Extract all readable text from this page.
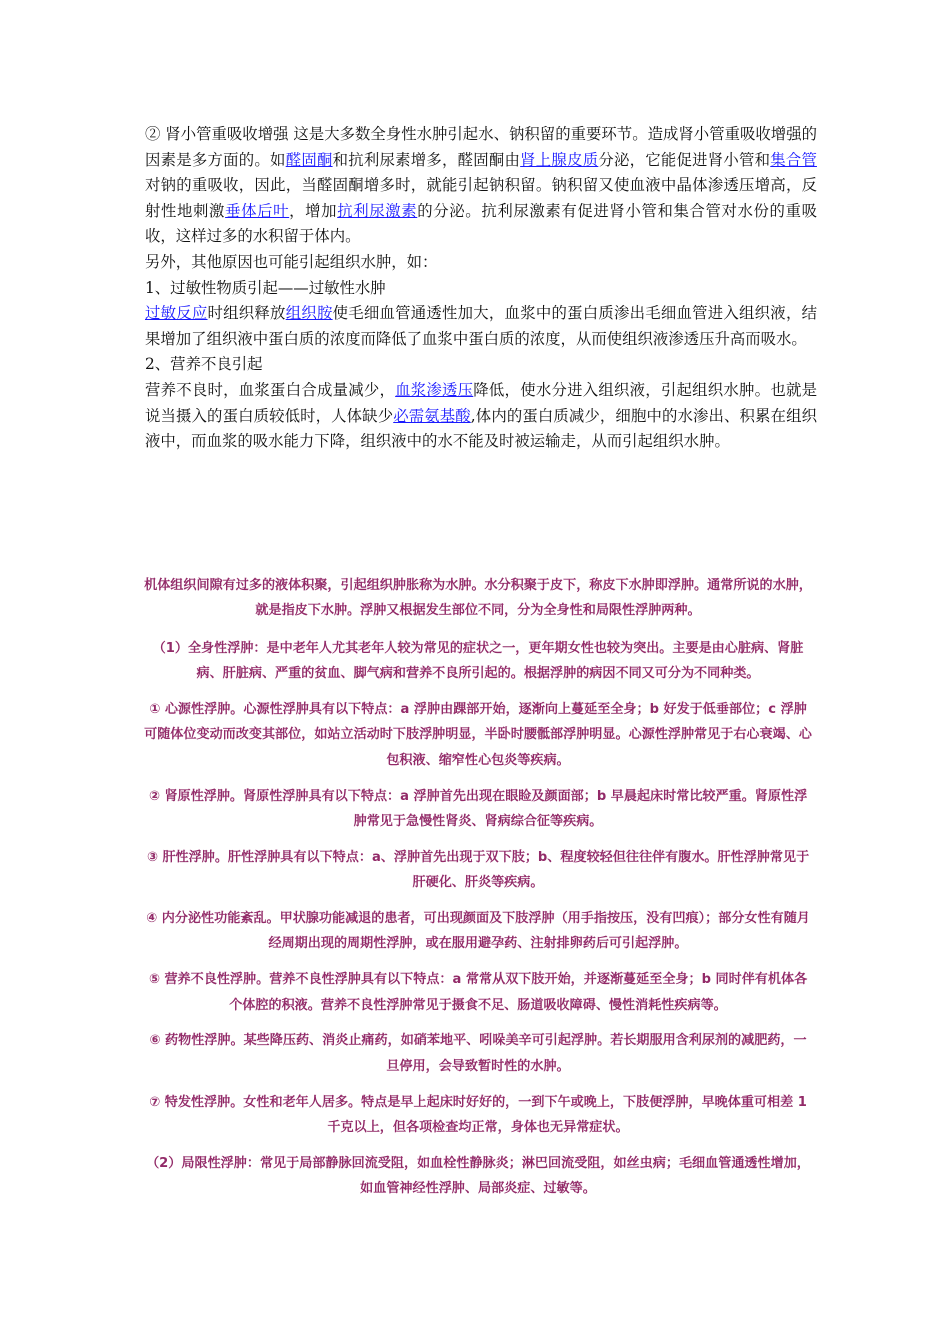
② 肾小管重吸收增强 这是大多数全身性水肿引起水、钠积留的重要环节。造成肾小管重吸收增强的因素是多方面的。如醛固酮和抗利尿素增多，醛固酮由肾上腺皮质分泌，它能促进肾小管和集合管对钠的重吸收，因此，当醛固酮增多时，就能引起钠积留。钠积留又使血液中晶体渗透压增高，反射性地刺激垂体后叶，增加抗利尿激素的分泌。抗利尿激素有促进肾小管和集合管对水份的重吸收，这样过多的水积留于体内。

另外，其他原因也可能引起组织水肿，如：

1、过敏性物质引起——过敏性水肿

过敏反应时组织释放组织胺使毛细血管通透性加大，血浆中的蛋白质渗出毛细血管进入组织液，结果增加了组织液中蛋白质的浓度而降低了血浆中蛋白质的浓度，从而使组织液渗透压升高而吸水。

2、营养不良引起

营养不良时，血浆蛋白合成量减少，血浆渗透压降低，使水分进入组织液，引起组织水肿。也就是说当摄入的蛋白质较低时，人体缺少必需氨基酸,体内的蛋白质减少，细胞中的水渗出、积累在组织液中，而血浆的吸水能力下降，组织液中的水不能及时被运输走，从而引起组织水肿。

机体组织间隙有过多的液体积聚，引起组织肿胀称为水肿。水分积聚于皮下，称皮下水肿即浮肿。通常所说的水肿，就是指皮下水肿。浮肿又根据发生部位不同，分为全身性和局限性浮肿两种。

（1）全身性浮肿：是中老年人尤其老年人较为常见的症状之一，更年期女性也较为突出。主要是由心脏病、肾脏病、肝脏病、严重的贫血、脚气病和营养不良所引起的。根据浮肿的病因不同又可分为不同种类。

① 心源性浮肿。心源性浮肿具有以下特点：a 浮肿由踝部开始，逐渐向上蔓延至全身；b 好发于低垂部位；c 浮肿可随体位变动而改变其部位，如站立活动时下肢浮肿明显，半卧时腰骶部浮肿明显。心源性浮肿常见于右心衰竭、心包积液、缩窄性心包炎等疾病。

② 肾原性浮肿。肾原性浮肿具有以下特点：a 浮肿首先出现在眼睑及颜面部；b 早晨起床时常比较严重。肾原性浮肿常见于急慢性肾炎、肾病综合征等疾病。

③ 肝性浮肿。肝性浮肿具有以下特点：a、浮肿首先出现于双下肢；b、程度较轻但往往伴有腹水。肝性浮肿常见于肝硬化、肝炎等疾病。

④ 内分泌性功能紊乱。甲状腺功能减退的患者，可出现颜面及下肢浮肿（用手指按压，没有凹痕）；部分女性有随月经周期出现的周期性浮肿，或在服用避孕药、注射排卵药后可引起浮肿。

⑤ 营养不良性浮肿。营养不良性浮肿具有以下特点：a 常常从双下肢开始，并逐渐蔓延至全身；b 同时伴有机体各个体腔的积液。营养不良性浮肿常见于摄食不足、肠道吸收障碍、慢性消耗性疾病等。

⑥ 药物性浮肿。某些降压药、消炎止痛药，如硝苯地平、吲哚美辛可引起浮肿。若长期服用含利尿剂的减肥药，一旦停用，会导致暂时性的水肿。

⑦ 特发性浮肿。女性和老年人居多。特点是早上起床时好好的，一到下午或晚上，下肢便浮肿，早晚体重可相差 1 千克以上，但各项检查均正常，身体也无异常症状。

（2）局限性浮肿：常见于局部静脉回流受阻，如血栓性静脉炎；淋巴回流受阻，如丝虫病；毛细血管通透性增加，如血管神经性浮肿、局部炎症、过敏等。
